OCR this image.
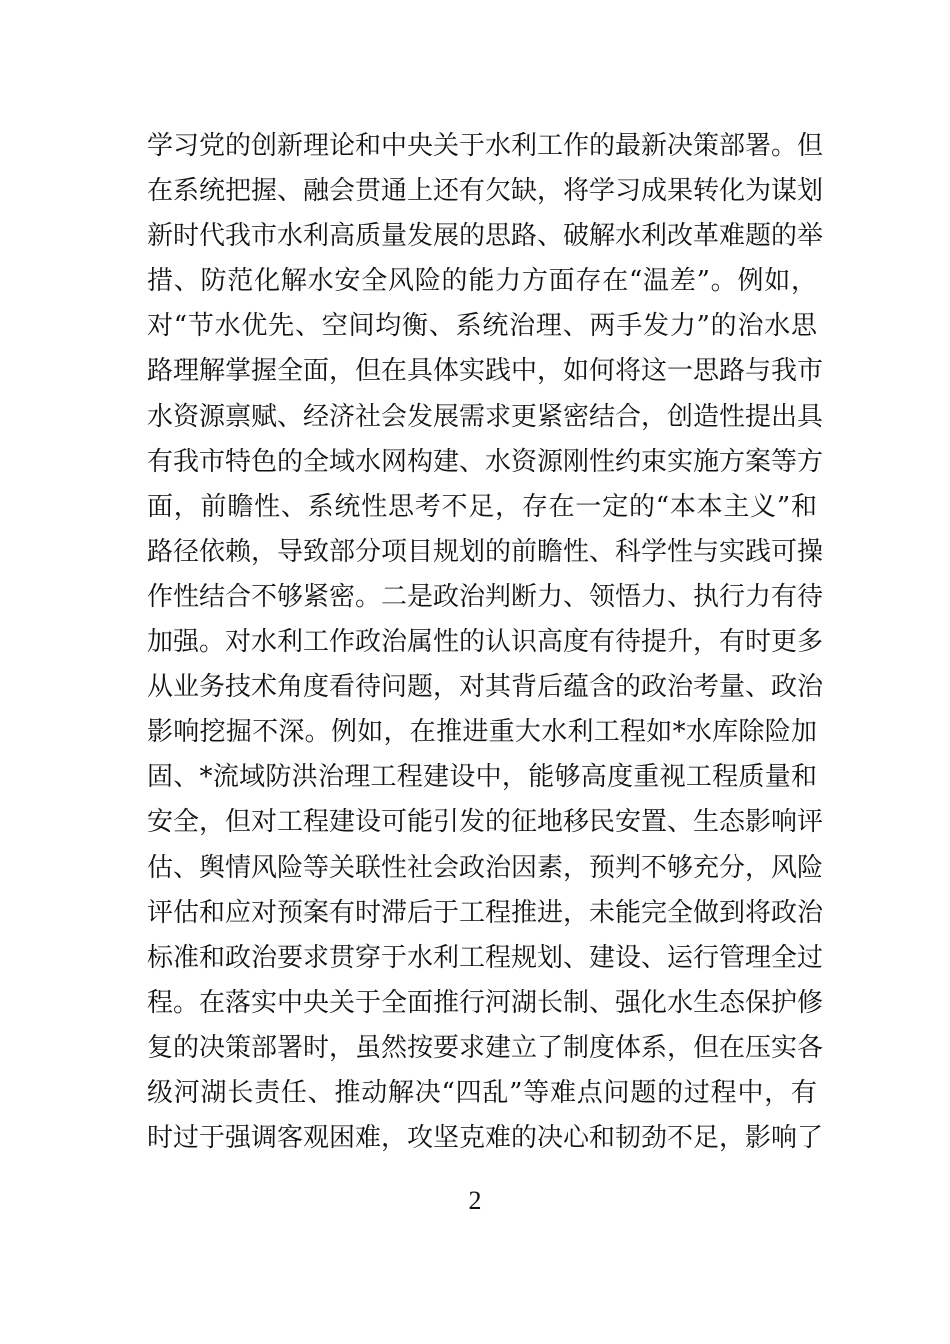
学习党的创新理论和中央关于水利工作的最新决策部署。但
在系统把握、融会贯通上还有欠缺，将学习成果转化为谋划
新时代我市水利高质量发展的思路、破解水利改革难题的举
措、防范化解水安全风险的能力方面存在“温差”。例如，
对“节水优先、空间均衡、系统治理、两手发力”的治水思
路理解掌握全面，但在具体实践中，如何将这一思路与我市
水资源禀赋、经济社会发展需求更紧密结合，创造性提出具
有我市特色的全域水网构建、水资源刚性约束实施方案等方
面，前瞻性、系统性思考不足，存在一定的“本本主义”和
路径依赖，导致部分项目规划的前瞻性、科学性与实践可操
作性结合不够紧密。二是政治判断力、领悟力、执行力有待
加强。对水利工作政治属性的认识高度有待提升，有时更多
从业务技术角度看待问题，对其背后蕴含的政治考量、政治
影响挖掘不深。例如，在推进重大水利工程如*水库除险加
固、*流域防洪治理工程建设中，能够高度重视工程质量和
安全，但对工程建设可能引发的征地移民安置、生态影响评
估、舆情风险等关联性社会政治因素，预判不够充分，风险
评估和应对预案有时滞后于工程推进，未能完全做到将政治
标准和政治要求贯穿于水利工程规划、建设、运行管理全过
程。在落实中央关于全面推行河湖长制、强化水生态保护修
复的决策部署时，虽然按要求建立了制度体系，但在压实各
级河湖长责任、推动解决“四乱”等难点问题的过程中，有
时过于强调客观困难，攻坚克难的决心和韧劲不足，影响了
2
